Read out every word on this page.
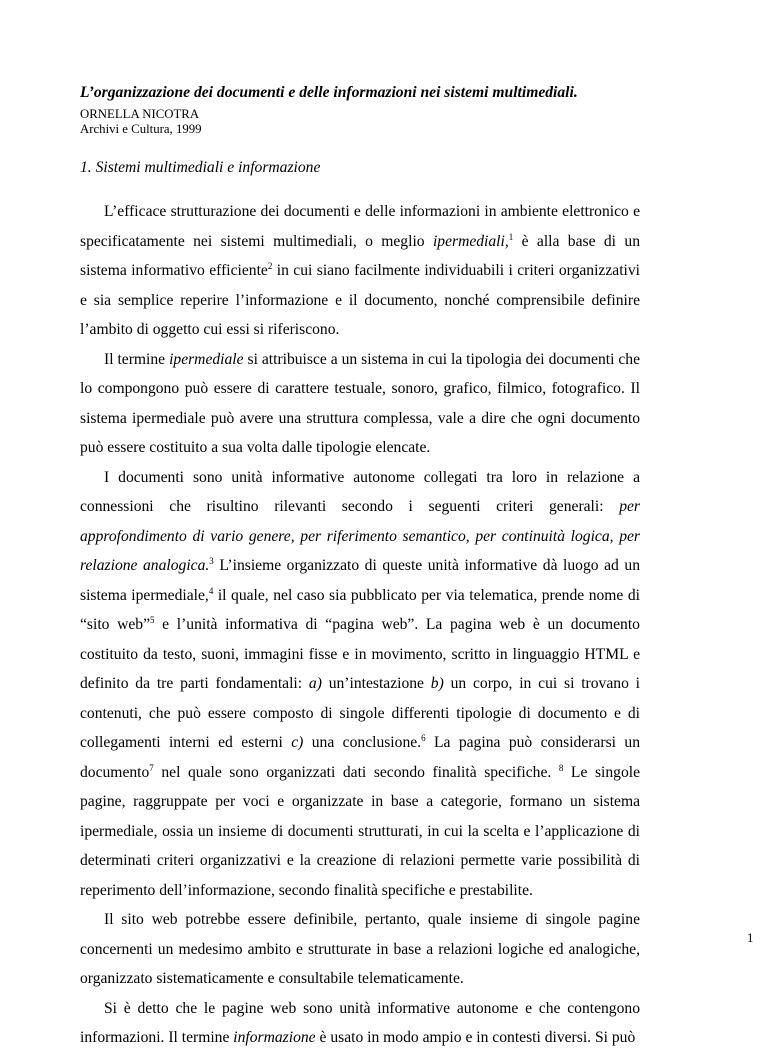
L’organizzazione dei documenti e delle informazioni nei sistemi multimediali.
ORNELLA NICOTRA
Archivi e Cultura, 1999
1. Sistemi multimediali e informazione

L’efficace strutturazione dei documenti e delle informazioni in ambiente elettronico e specificatamente nei sistemi multimediali, o meglio ipermediali,$^1$ è alla base di un sistema informativo efficiente$^2$ in cui siano facilmente individuabili i criteri organizzativi e sia semplice reperire l’informazione e il documento, nonché comprensibile definire l’ambito di oggetto cui essi si riferiscono.

Il termine ipermediale si attribuisce a un sistema in cui la tipologia dei documenti che lo compongono può essere di carattere testuale, sonoro, grafico, filmico, fotografico. Il sistema ipermediale può avere una struttura complessa, vale a dire che ogni documento può essere costituito a sua volta dalle tipologie elencate.

I documenti sono unità informative autonome collegati tra loro in relazione a connessioni che risultino rilevanti secondo i seguenti criteri generali: per approfondimento di vario genere, per riferimento semantico, per continuità logica, per relazione analogica.$^3$ L’insieme organizzato di queste unità informative dà luogo ad un sistema ipermediale,$^4$ il quale, nel caso sia pubblicato per via telematica, prende nome di “sito web”$^5$ e l’unità informativa di “pagina web”. La pagina web è un documento costituito da testo, suoni, immagini fisse e in movimento, scritto in linguaggio HTML e definito da tre parti fondamentali: a) un’intestazione b) un corpo, in cui si trovano i contenuti, che può essere composto di singole differenti tipologie di documento e di collegamenti interni ed esterni c) una conclusione.$^6$ La pagina può considerarsi un documento$^7$ nel quale sono organizzati dati secondo finalità specifiche. $^8$ Le singole pagine, raggruppate per voci e organizzate in base a categorie, formano un sistema ipermediale, ossia un insieme di documenti strutturati, in cui la scelta e l’applicazione di determinati criteri organizzativi e la creazione di relazioni permette varie possibilità di reperimento dell’informazione, secondo finalità specifiche e prestabilite.

Il sito web potrebbe essere definibile, pertanto, quale insieme di singole pagine concernenti un medesimo ambito e strutturate in base a relazioni logiche ed analogiche, organizzato sistematicamente e consultabile telematicamente.

Si è detto che le pagine web sono unità informative autonome e che contengono informazioni. Il termine informazione è usato in modo ampio e in contesti diversi. Si può

1
